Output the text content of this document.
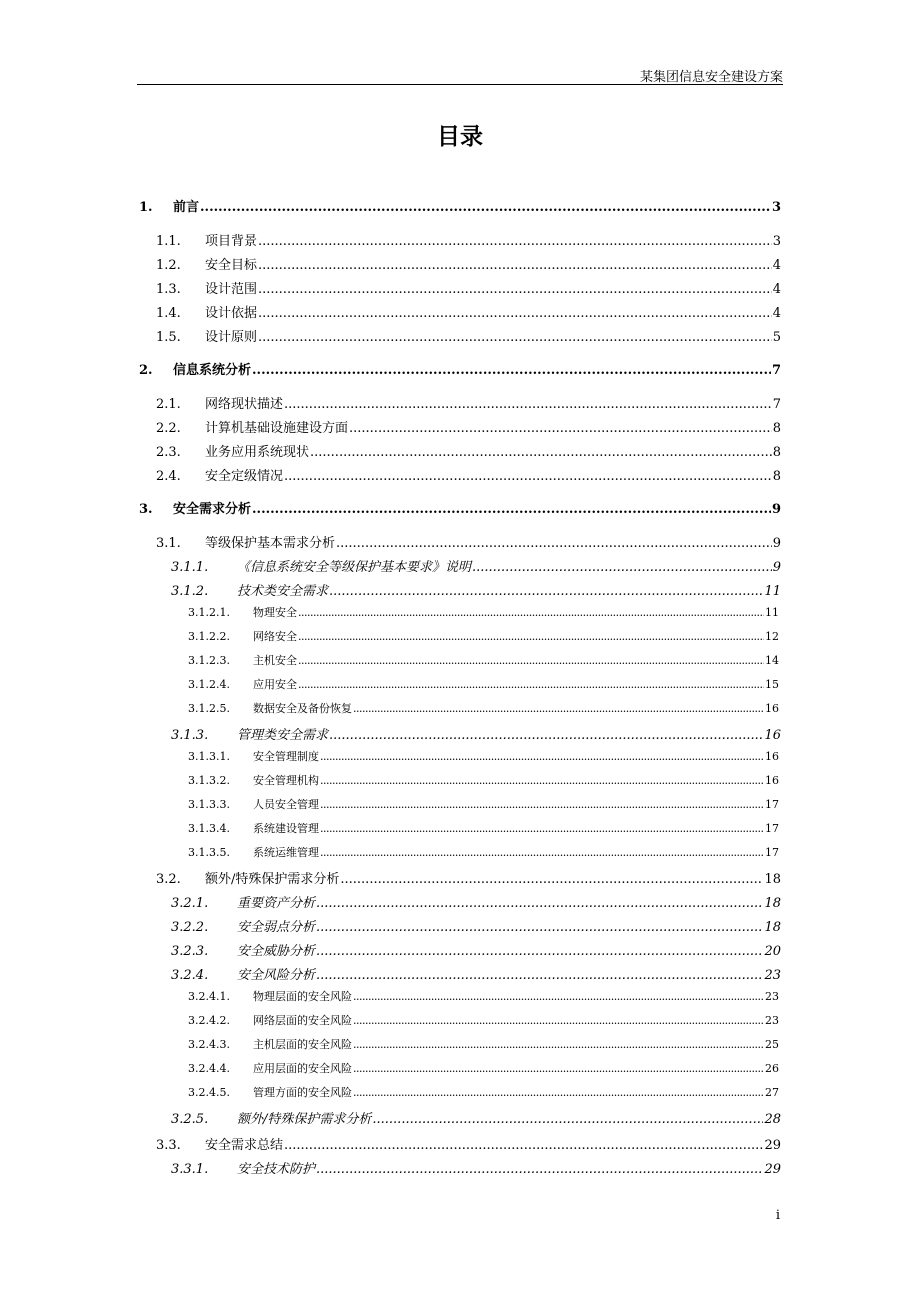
某集团信息安全建设方案
目录
1.	前言 .....	3
1.1.	项目背景 .....	3
1.2.	安全目标 .....	4
1.3.	设计范围 .....	4
1.4.	设计依据 .....	4
1.5.	设计原则 .....	5
2.	信息系统分析 .....	7
2.1.	网络现状描述 .....	7
2.2.	计算机基础设施建设方面 .....	8
2.3.	业务应用系统现状 .....	8
2.4.	安全定级情况 .....	8
3.	安全需求分析 .....	9
3.1.	等级保护基本需求分析 .....	9
3.1.1.	《信息系统安全等级保护基本要求》说明 .....	9
3.1.2.	技术类安全需求 .....	11
3.1.2.1.	物理安全 .....	11
3.1.2.2.	网络安全 .....	12
3.1.2.3.	主机安全 .....	14
3.1.2.4.	应用安全 .....	15
3.1.2.5.	数据安全及备份恢复 .....	16
3.1.3.	管理类安全需求 .....	16
3.1.3.1.	安全管理制度 .....	16
3.1.3.2.	安全管理机构 .....	16
3.1.3.3.	人员安全管理 .....	17
3.1.3.4.	系统建设管理 .....	17
3.1.3.5.	系统运维管理 .....	17
3.2.	额外/特殊保护需求分析 .....	18
3.2.1.	重要资产分析 .....	18
3.2.2.	安全弱点分析 .....	18
3.2.3.	安全威胁分析 .....	20
3.2.4.	安全风险分析 .....	23
3.2.4.1.	物理层面的安全风险 .....	23
3.2.4.2.	网络层面的安全风险 .....	23
3.2.4.3.	主机层面的安全风险 .....	25
3.2.4.4.	应用层面的安全风险 .....	26
3.2.4.5.	管理方面的安全风险 .....	27
3.2.5.	额外/特殊保护需求分析 .....	28
3.3.	安全需求总结 .....	29
3.3.1.	安全技术防护 .....	29
i
